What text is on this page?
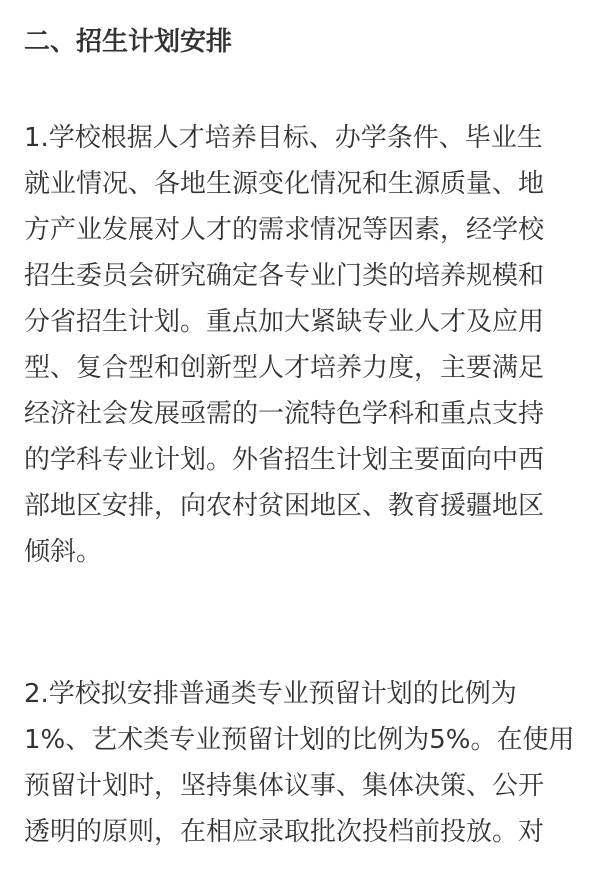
二、招生计划安排
1.学校根据人才培养目标、办学条件、毕业生
就业情况、各地生源变化情况和生源质量、地
方产业发展对人才的需求情况等因素，经学校
招生委员会研究确定各专业门类的培养规模和
分省招生计划。重点加大紧缺专业人才及应用
型、复合型和创新型人才培养力度，主要满足
经济社会发展亟需的一流特色学科和重点支持
的学科专业计划。外省招生计划主要面向中西
部地区安排，向农村贫困地区、教育援疆地区
倾斜。
2.学校拟安排普通类专业预留计划的比例为
1%、艺术类专业预留计划的比例为5%。在使用
预留计划时，坚持集体议事、集体决策、公开
透明的原则，在相应录取批次投档前投放。对
